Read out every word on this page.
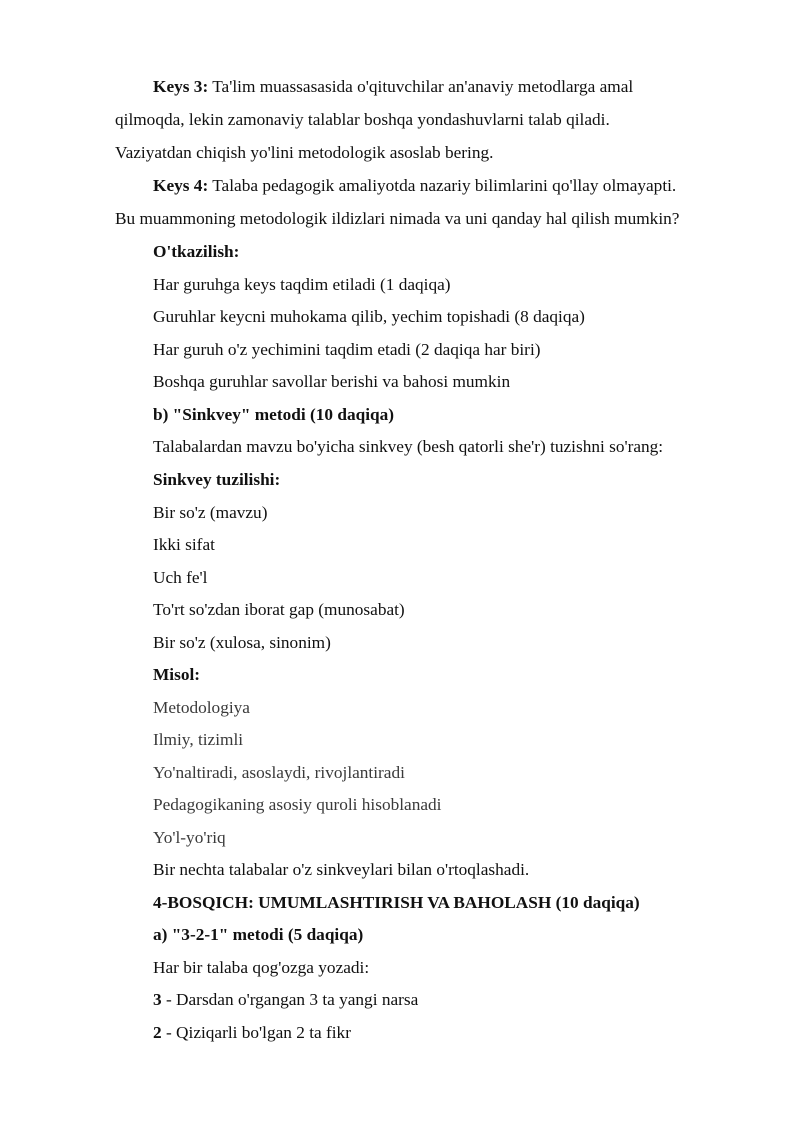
Keys 3: Ta'lim muassasasida o'qituvchilar an'anaviy metodlarga amal
qilmoqda, lekin zamonaviy talablar boshqa yondashuvlarni talab qiladi.
Vaziyatdan chiqish yo'lini metodologik asoslab bering.
Keys 4: Talaba pedagogik amaliyotda nazariy bilimlarini qo'llay olmayapti.
Bu muammoning metodologik ildizlari nimada va uni qanday hal qilish mumkin?
O'tkazilish:
Har guruhga keys taqdim etiladi (1 daqiqa)
Guruhlar keycni muhokama qilib, yechim topishadi (8 daqiqa)
Har guruh o'z yechimini taqdim etadi (2 daqiqa har biri)
Boshqa guruhlar savollar berishi va bahosi mumkin
b) "Sinkvey" metodi (10 daqiqa)
Talabalardan mavzu bo'yicha sinkvey (besh qatorli she'r) tuzishni so'rang:
Sinkvey tuzilishi:
Bir so'z (mavzu)
Ikki sifat
Uch fe'l
To'rt so'zdan iborat gap (munosabat)
Bir so'z (xulosa, sinonim)
Misol:
Metodologiya
Ilmiy, tizimli
Yo'naltiradi, asoslaydi, rivojlantiradi
Pedagogikaning asosiy quroli hisoblanadi
Yo'l-yo'riq
Bir nechta talabalar o'z sinkveylari bilan o'rtoqlashadi.
4-BOSQICH: UMUMLASHTIRISH VA BAHOLASH (10 daqiqa)
a) "3-2-1" metodi (5 daqiqa)
Har bir talaba qog'ozga yozadi:
3 - Darsdan o'rgangan 3 ta yangi narsa
2 - Qiziqarli bo'lgan 2 ta fikr
